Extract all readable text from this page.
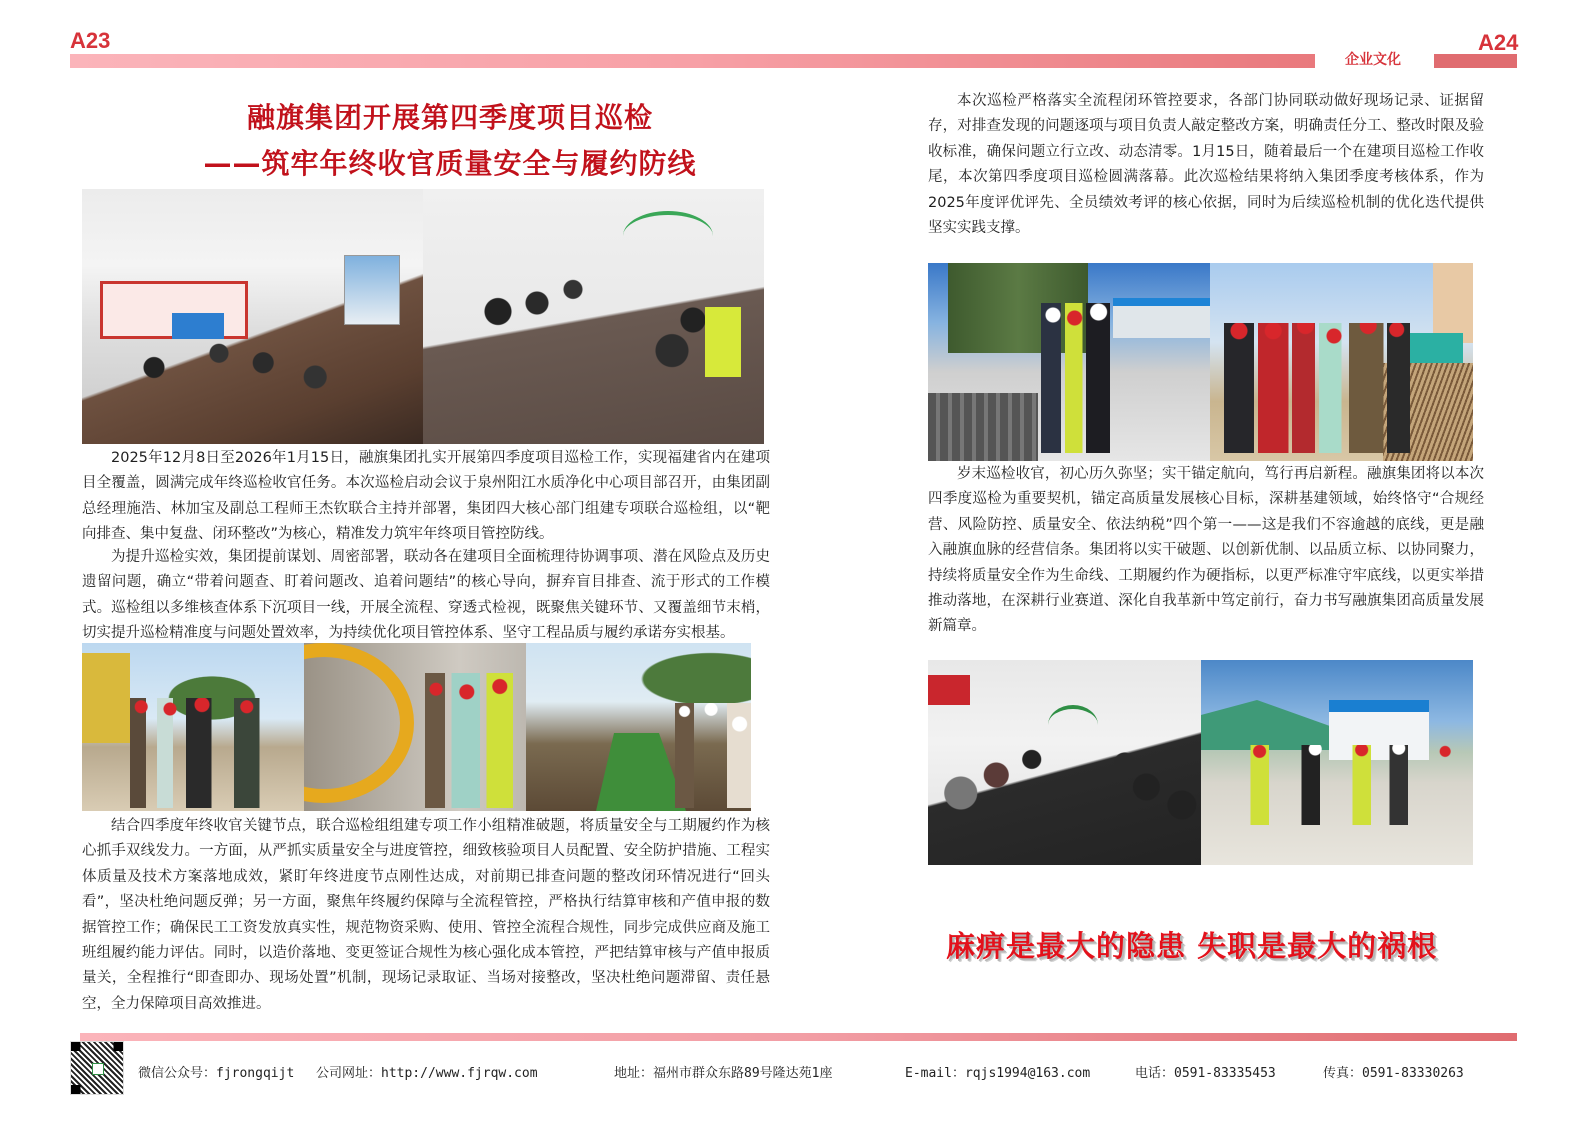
A23
企业文化
A24
融旗集团开展第四季度项目巡检
——筑牢年终收官质量安全与履约防线

2025年12月8日至2026年1月15日，融旗集团扎实开展第四季度项目巡检工作，实现福建省内在建项目全覆盖，圆满完成年终巡检收官任务。本次巡检启动会议于泉州阳江水质净化中心项目部召开，由集团副总经理施浩、林加宝及副总工程师王杰钦联合主持并部署，集团四大核心部门组建专项联合巡检组，以“靶向排查、集中复盘、闭环整改”为核心，精准发力筑牢年终项目管控防线。

为提升巡检实效，集团提前谋划、周密部署，联动各在建项目全面梳理待协调事项、潜在风险点及历史遗留问题，确立“带着问题查、盯着问题改、追着问题结”的核心导向，摒弃盲目排查、流于形式的工作模式。巡检组以多维核查体系下沉项目一线，开展全流程、穿透式检视，既聚焦关键环节、又覆盖细节末梢，切实提升巡检精准度与问题处置效率，为持续优化项目管控体系、坚守工程品质与履约承诺夯实根基。

结合四季度年终收官关键节点，联合巡检组组建专项工作小组精准破题，将质量安全与工期履约作为核心抓手双线发力。一方面，从严抓实质量安全与进度管控，细致核验项目人员配置、安全防护措施、工程实体质量及技术方案落地成效，紧盯年终进度节点刚性达成，对前期已排查问题的整改闭环情况进行“回头看”，坚决杜绝问题反弹；另一方面，聚焦年终履约保障与全流程管控，严格执行结算审核和产值申报的数据管控工作；确保民工工资发放真实性，规范物资采购、使用、管控全流程合规性，同步完成供应商及施工班组履约能力评估。同时，以造价落地、变更签证合规性为核心强化成本管控，严把结算审核与产值申报质量关，全程推行“即查即办、现场处置”机制，现场记录取证、当场对接整改，坚决杜绝问题滞留、责任悬空，全力保障项目高效推进。

本次巡检严格落实全流程闭环管控要求，各部门协同联动做好现场记录、证据留存，对排查发现的问题逐项与项目负责人敲定整改方案，明确责任分工、整改时限及验收标准，确保问题立行立改、动态清零。1月15日，随着最后一个在建项目巡检工作收尾，本次第四季度项目巡检圆满落幕。此次巡检结果将纳入集团季度考核体系，作为2025年度评优评先、全员绩效考评的核心依据，同时为后续巡检机制的优化迭代提供坚实实践支撑。

岁末巡检收官，初心历久弥坚；实干锚定航向，笃行再启新程。融旗集团将以本次四季度巡检为重要契机，锚定高质量发展核心目标，深耕基建领域，始终恪守“合规经营、风险防控、质量安全、依法纳税”四个第一——这是我们不容逾越的底线，更是融入融旗血脉的经营信条。集团将以实干破题、以创新优制、以品质立标、以协同聚力，持续将质量安全作为生命线、工期履约作为硬指标，以更严标准守牢底线，以更实举措推动落地，在深耕行业赛道、深化自我革新中笃定前行，奋力书写融旗集团高质量发展新篇章。

麻痹是最大的隐患 失职是最大的祸根
微信公众号：fjrongqijt 公司网址：http://www.fjrqw.com	地址：福州市群众东路89号隆达苑1座	E-mail：rqjs1994@163.com	电话：0591-83335453	传真：0591-83330263
